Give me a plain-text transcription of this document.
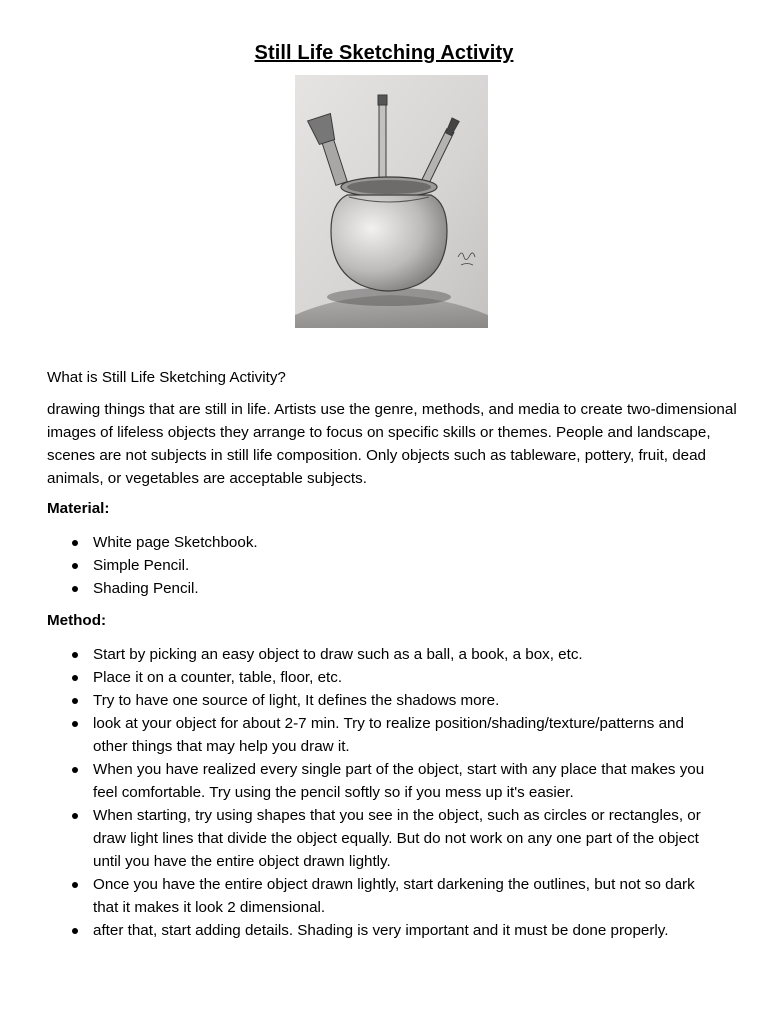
Still Life Sketching Activity
What is Still Life Sketching Activity?
drawing things that are still in life. Artists use the genre, methods, and media to create two-dimensional images of lifeless objects they arrange to focus on specific skills or themes. People and landscape, scenes are not subjects in still life composition. Only objects such as tableware, pottery, fruit, dead animals, or vegetables are acceptable subjects.
Material:
White page Sketchbook.
Simple Pencil.
Shading Pencil.
Method:
Start by picking an easy object to draw such as a ball, a book, a box, etc.
Place it on a counter, table, floor, etc.
Try to have one source of light, It defines the shadows more.
look at your object for about 2-7 min. Try to realize position/shading/texture/patterns and other things that may help you draw it.
When you have realized every single part of the object, start with any place that makes you feel comfortable. Try using the pencil softly so if you mess up it's easier.
When starting, try using shapes that you see in the object, such as circles or rectangles, or draw light lines that divide the object equally. But do not work on any one part of the object until you have the entire object drawn lightly.
Once you have the entire object drawn lightly, start darkening the outlines, but not so dark that it makes it look 2 dimensional.
after that, start adding details. Shading is very important and it must be done properly.
